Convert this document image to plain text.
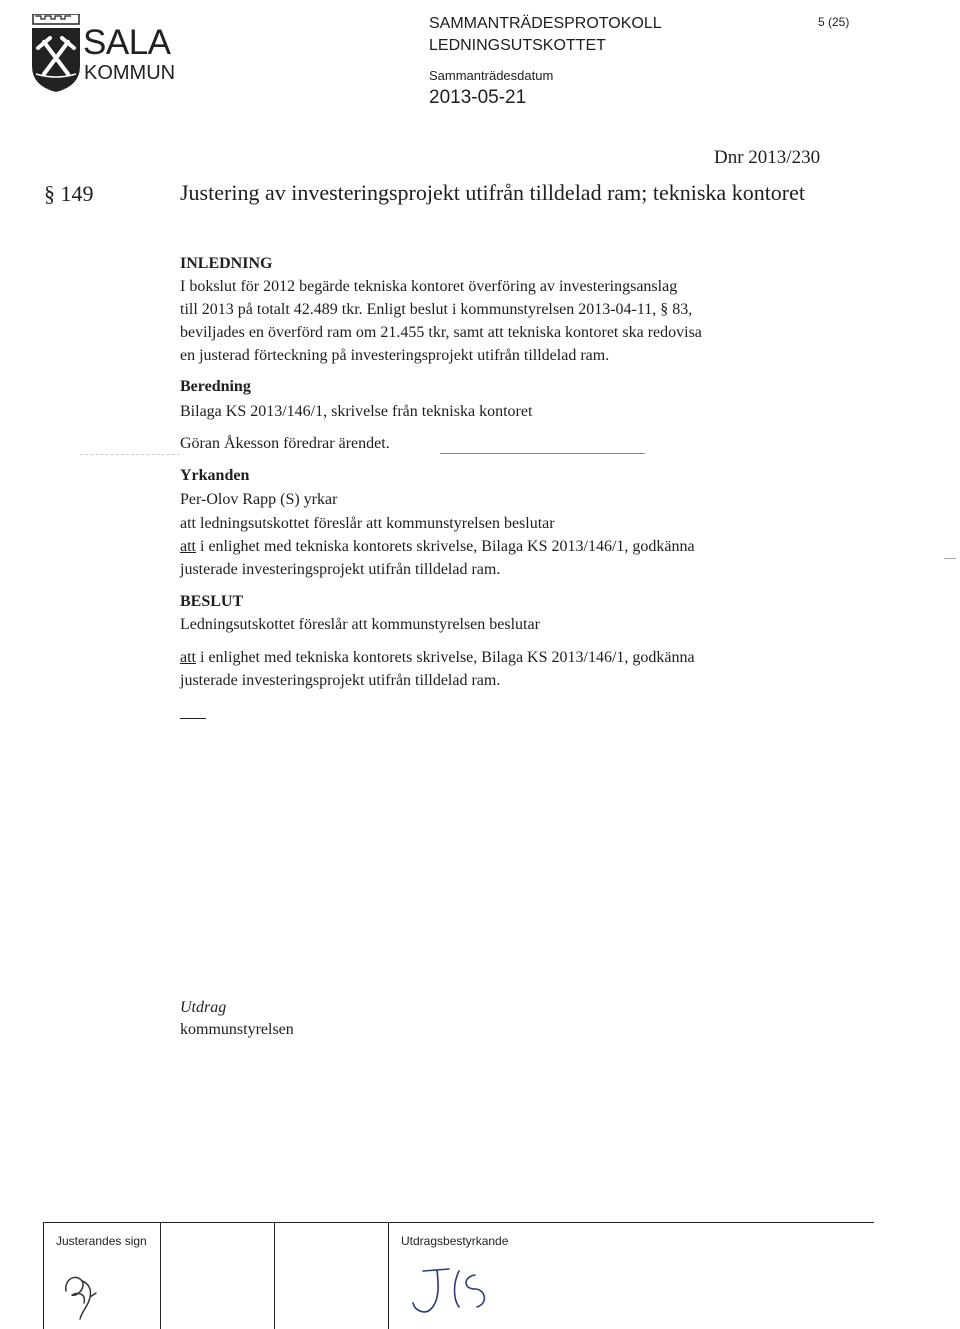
SALA
KOMMUN
SAMMANTRÄDESPROTOKOLL
LEDNINGSUTSKOTTET
Sammanträdesdatum
2013-05-21
5 (25)
Dnr 2013/230
§ 149	Justering av investeringsprojekt utifrån tilldelad ram; tekniska kontoret
INLEDNING
I bokslut för 2012 begärde tekniska kontoret överföring av investeringsanslag
till 2013 på totalt 42.489 tkr. Enligt beslut i kommunstyrelsen 2013-04-11, § 83,
beviljades en överförd ram om 21.455 tkr, samt att tekniska kontoret ska redovisa
en justerad förteckning på investeringsprojekt utifrån tilldelad ram.
Beredning
Bilaga KS 2013/146/1, skrivelse från tekniska kontoret
Göran Åkesson föredrar ärendet.
Yrkanden
Per-Olov Rapp (S) yrkar
att ledningsutskottet föreslår att kommunstyrelsen beslutar
att i enlighet med tekniska kontorets skrivelse, Bilaga KS 2013/146/1, godkänna
justerade investeringsprojekt utifrån tilldelad ram.
BESLUT
Ledningsutskottet föreslår att kommunstyrelsen beslutar
att i enlighet med tekniska kontorets skrivelse, Bilaga KS 2013/146/1, godkänna
justerade investeringsprojekt utifrån tilldelad ram.
Utdrag
kommunstyrelsen
Justerandes sign	Utdragsbestyrkande
